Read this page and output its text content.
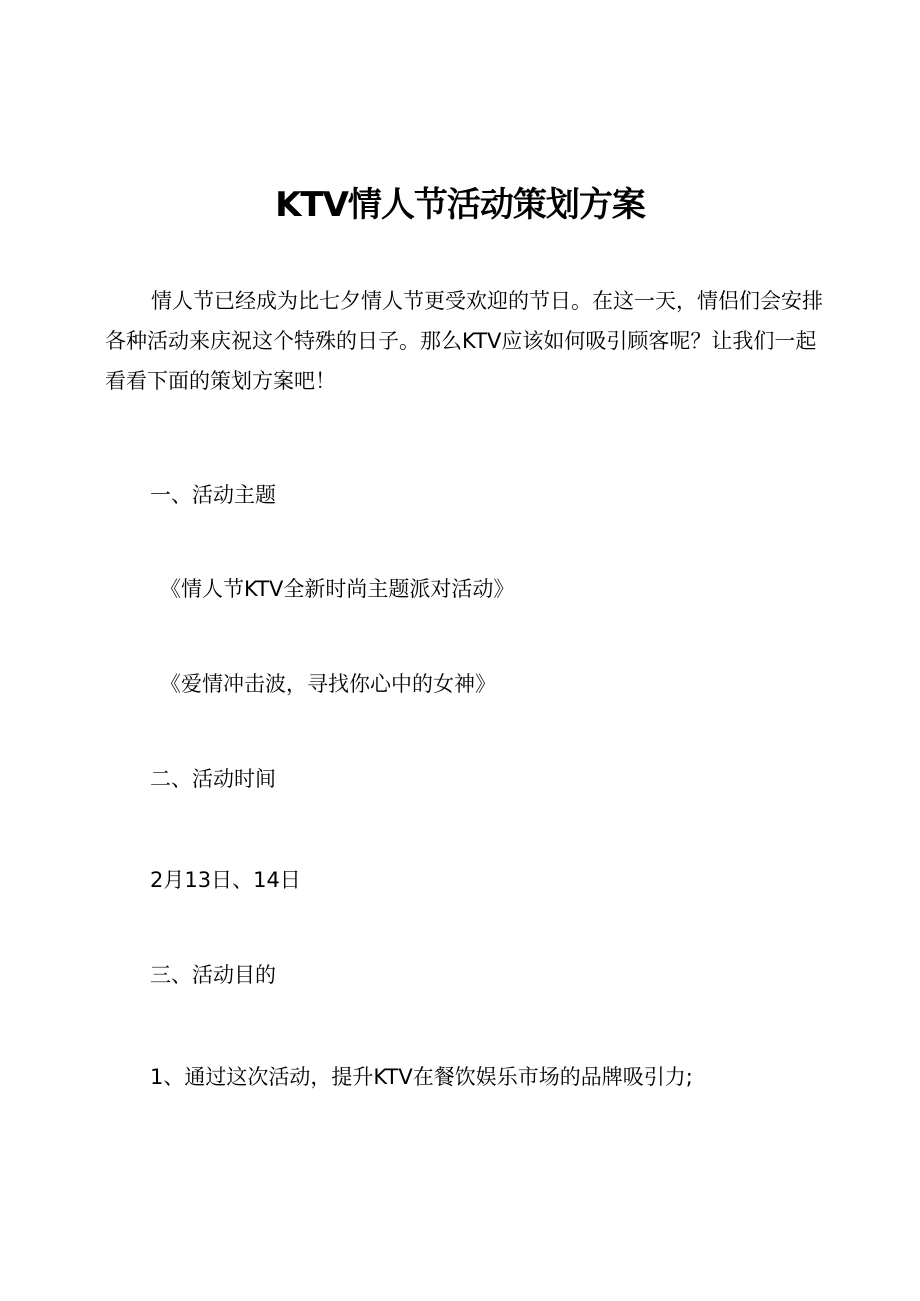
KTV情人节活动策划方案
情人节已经成为比七夕情人节更受欢迎的节日。在这一天，情侣们会安排各种活动来庆祝这个特殊的日子。那么KTV应该如何吸引顾客呢？让我们一起看看下面的策划方案吧！
一、活动主题
《情人节KTV全新时尚主题派对活动》
《爱情冲击波，寻找你心中的女神》
二、活动时间
2月13日、14日
三、活动目的
1、通过这次活动，提升KTV在餐饮娱乐市场的品牌吸引力;
